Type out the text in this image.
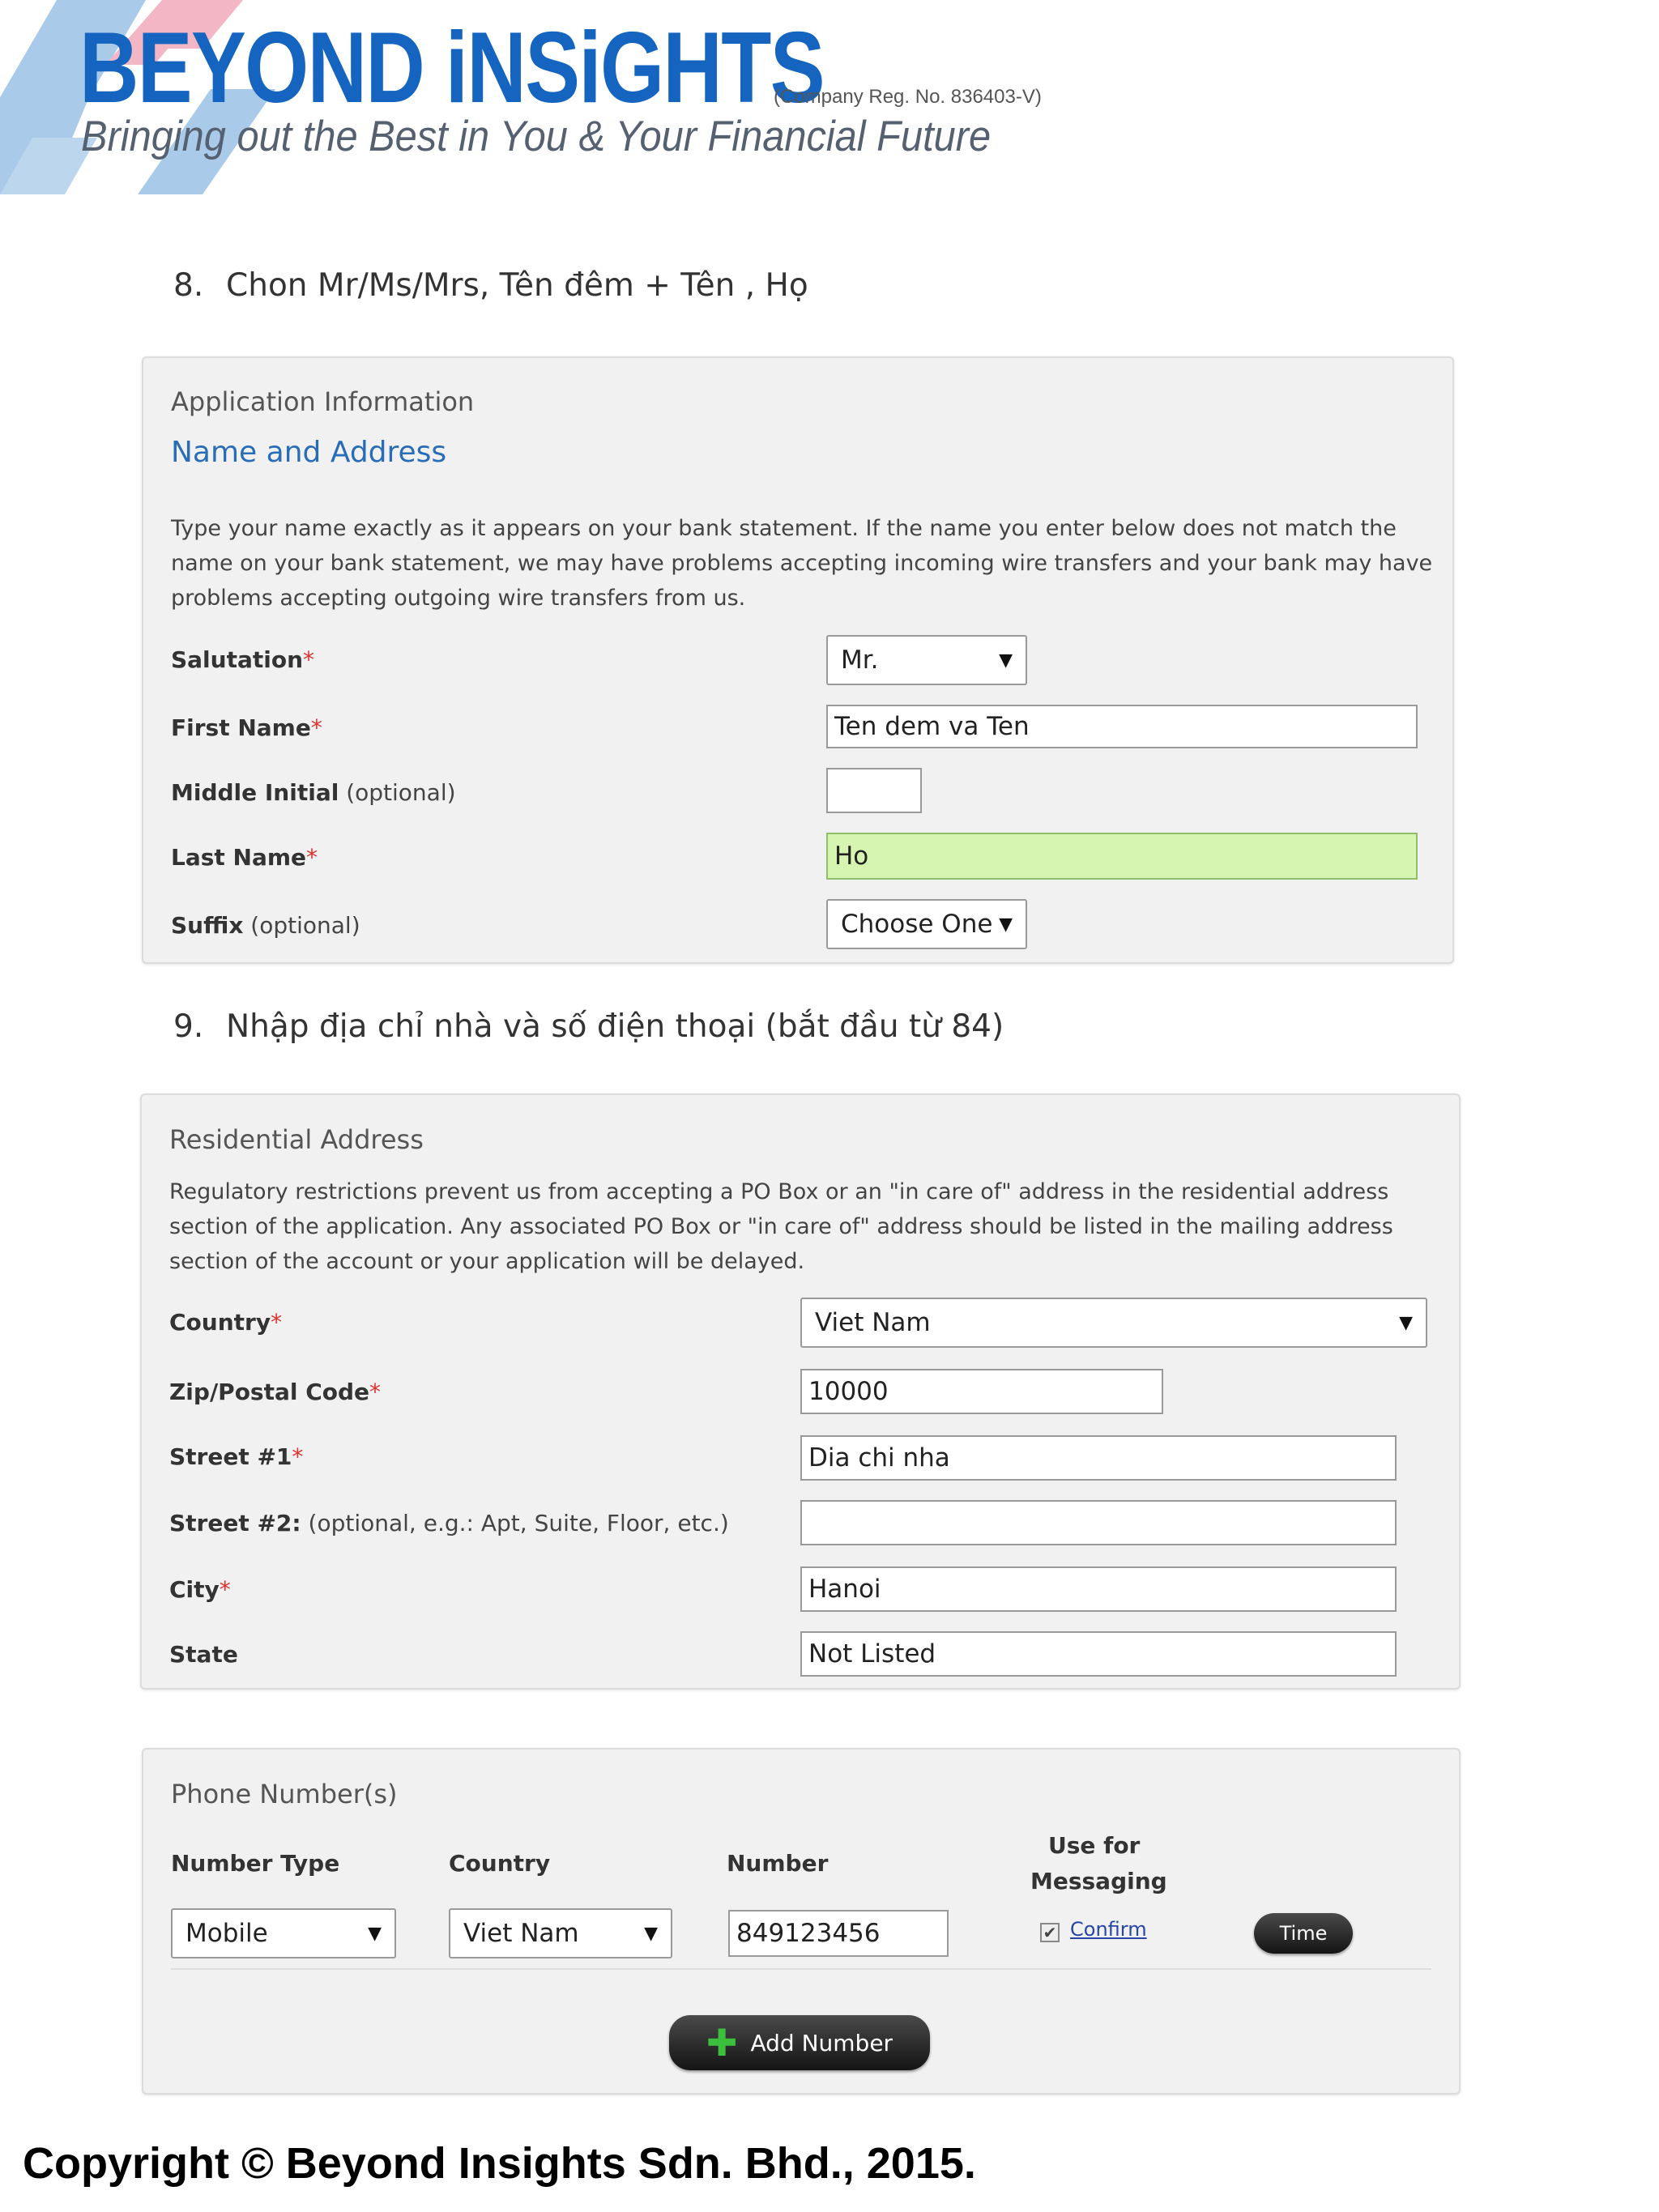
BEYOND iNSiGHTS
(Company Reg. No. 836403-V)
Bringing out the Best in You & Your Financial Future
8. Chon Mr/Ms/Mrs, Tên đêm + Tên , Họ
Application Information
Name and Address
Type your name exactly as it appears on your bank statement. If the name you enter below does not match the name on your bank statement, we may have problems accepting incoming wire transfers and your bank may have problems accepting outgoing wire transfers from us.
Salutation*	Mr.	▼
First Name*	Ten dem va Ten
Middle Initial (optional)
Last Name*	Ho
Suffix (optional)	Choose One ▼
9. Nhập địa chỉ nhà và số điện thoại (bắt đầu từ 84)
Residential Address
Regulatory restrictions prevent us from accepting a PO Box or an "in care of" address in the residential address section of the application. Any associated PO Box or "in care of" address should be listed in the mailing address section of the account or your application will be delayed.
Country*	Viet Nam	▼
Zip/Postal Code*	10000
Street #1*	Dia chi nha
Street #2: (optional, e.g.: Apt, Suite, Floor, etc.)
City*	Hanoi
State	Not Listed
Phone Number(s)
Number Type	Country	Number
Use for
Messaging
Mobile	▼	Viet Nam	▼	849123456	✔ Confirm	Time
✚ Add Number
Copyright © Beyond Insights Sdn. Bhd., 2015.
